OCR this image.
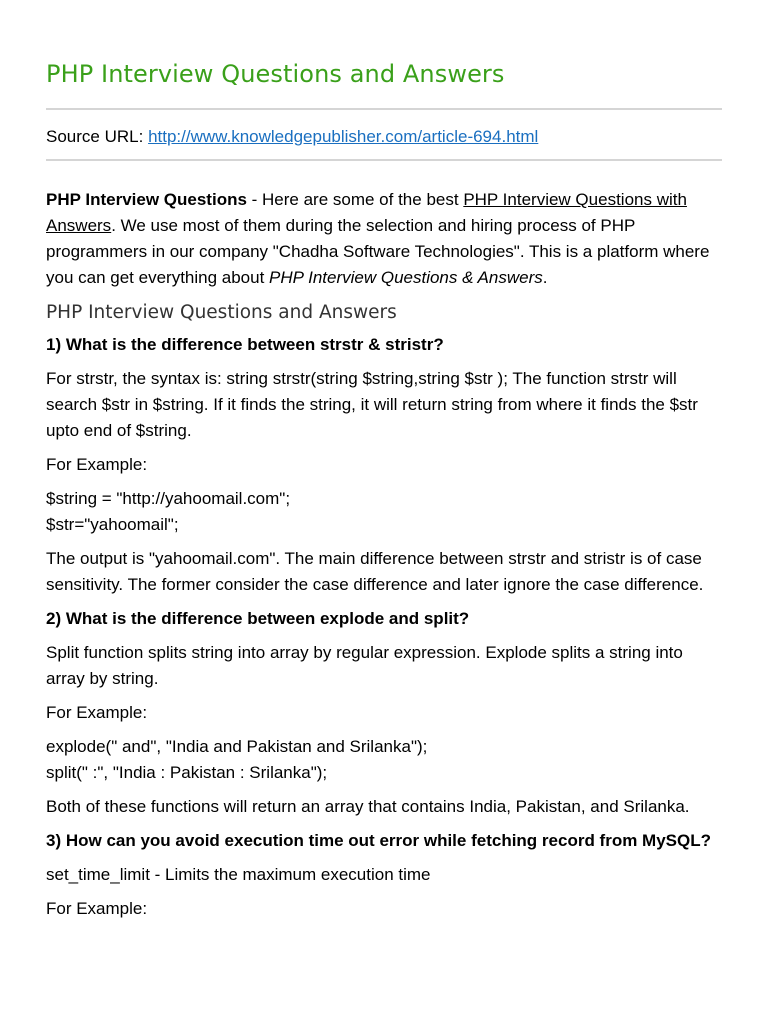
PHP Interview Questions and Answers
Source URL: http://www.knowledgepublisher.com/article-694.html

PHP Interview Questions - Here are some of the best PHP Interview Questions with Answers. We use most of them during the selection and hiring process of PHP programmers in our company "Chadha Software Technologies". This is a platform where you can get everything about PHP Interview Questions & Answers.

PHP Interview Questions and Answers

1) What is the difference between strstr & stristr?

For strstr, the syntax is: string strstr(string $string,string $str ); The function strstr will search $str in $string. If it finds the string, it will return string from where it finds the $str upto end of $string.

For Example:

$string = "http://yahoomail.com";
$str="yahoomail";

The output is "yahoomail.com". The main difference between strstr and stristr is of case sensitivity. The former consider the case difference and later ignore the case difference.

2) What is the difference between explode and split?

Split function splits string into array by regular expression. Explode splits a string into array by string.

For Example:

explode(" and", "India and Pakistan and Srilanka");
split(" :", "India : Pakistan : Srilanka");

Both of these functions will return an array that contains India, Pakistan, and Srilanka.

3) How can you avoid execution time out error while fetching record from MySQL?

set_time_limit - Limits the maximum execution time

For Example:
